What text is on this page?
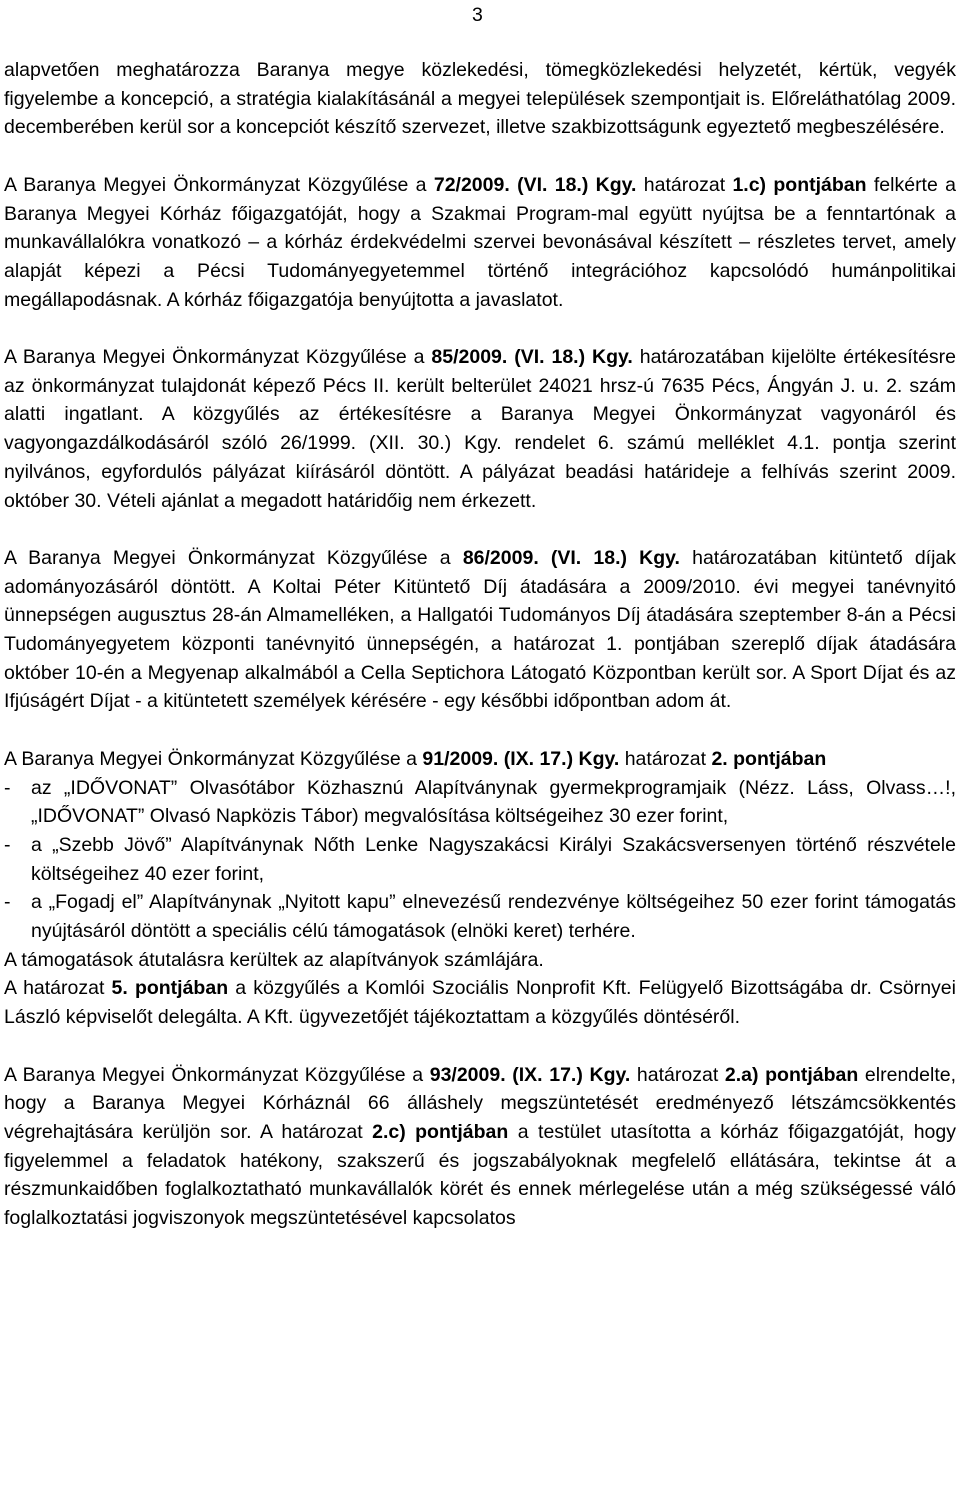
3

alapvetően meghatározza Baranya megye közlekedési, tömegközlekedési helyzetét, kértük, vegyék figyelembe a koncepció, a stratégia kialakításánál a megyei települések szempontjait is. Előreláthatólag 2009. decemberében kerül sor a koncepciót készítő szervezet, illetve szakbizottságunk egyeztető megbeszélésére.

A Baranya Megyei Önkormányzat Közgyűlése a 72/2009. (VI. 18.) Kgy. határozat 1.c) pontjában felkérte a Baranya Megyei Kórház főigazgatóját, hogy a Szakmai Program-mal együtt nyújtsa be a fenntartónak a munkavállalókra vonatkozó – a kórház érdekvédelmi szervei bevonásával készített – részletes tervet, amely alapját képezi a Pécsi Tudományegyetemmel történő integrációhoz kapcsolódó humánpolitikai megállapodásnak. A kórház főigazgatója benyújtotta a javaslatot.

A Baranya Megyei Önkormányzat Közgyűlése a 85/2009. (VI. 18.) Kgy. határozatában kijelölte értékesítésre az önkormányzat tulajdonát képező Pécs II. került belterület 24021 hrsz-ú 7635 Pécs, Ángyán J. u. 2. szám alatti ingatlant. A közgyűlés az értékesítésre a Baranya Megyei Önkormányzat vagyonáról és vagyongazdálkodásáról szóló 26/1999. (XII. 30.) Kgy. rendelet 6. számú melléklet 4.1. pontja szerint nyilvános, egyfordulós pályázat kiírásáról döntött. A pályázat beadási határideje a felhívás szerint 2009. október 30. Vételi ajánlat a megadott határidőig nem érkezett.

A Baranya Megyei Önkormányzat Közgyűlése a 86/2009. (VI. 18.) Kgy. határozatában kitüntető díjak adományozásáról döntött. A Koltai Péter Kitüntető Díj átadására a 2009/2010. évi megyei tanévnyitó ünnepségen augusztus 28-án Almamelléken, a Hallgatói Tudományos Díj átadására szeptember 8-án a Pécsi Tudományegyetem központi tanévnyitó ünnepségén, a határozat 1. pontjában szereplő díjak átadására október 10-én a Megyenap alkalmából a Cella Septichora Látogató Központban került sor. A Sport Díjat és az Ifjúságért Díjat - a kitüntetett személyek kérésére - egy későbbi időpontban adom át.

A Baranya Megyei Önkormányzat Közgyűlése a 91/2009. (IX. 17.) Kgy. határozat 2. pontjában
- az „IDŐVONAT” Olvasótábor Közhasznú Alapítványnak gyermekprogramjaik (Nézz. Láss, Olvass…!, „IDŐVONAT” Olvasó Napközis Tábor) megvalósítása költségeihez 30 ezer forint,
- a „Szebb Jövő” Alapítványnak Nőth Lenke Nagyszakácsi Királyi Szakácsversenyen történő részvétele költségeihez 40 ezer forint,
- a „Fogadj el” Alapítványnak „Nyitott kapu” elnevezésű rendezvénye költségeihez 50 ezer forint támogatás nyújtásáról döntött a speciális célú támogatások (elnöki keret) terhére.
A támogatások átutalásra kerültek az alapítványok számlájára.
A határozat 5. pontjában a közgyűlés a Komlói Szociális Nonprofit Kft. Felügyelő Bizottságába dr. Csörnyei László képviselőt delegálta. A Kft. ügyvezetőjét tájékoztattam a közgyűlés döntéséről.

A Baranya Megyei Önkormányzat Közgyűlése a 93/2009. (IX. 17.) Kgy. határozat 2.a) pontjában elrendelte, hogy a Baranya Megyei Kórháznál 66 álláshely megszüntetését eredményező létszámcsökkentés végrehajtására kerüljön sor. A határozat 2.c) pontjában a testület utasította a kórház főigazgatóját, hogy figyelemmel a feladatok hatékony, szakszerű és jogszabályoknak megfelelő ellátására, tekintse át a részmunkaidőben foglalkoztatható munkavállalók körét és ennek mérlegelése után a még szükségessé váló foglalkoztatási jogviszonyok megszüntetésével kapcsolatos
